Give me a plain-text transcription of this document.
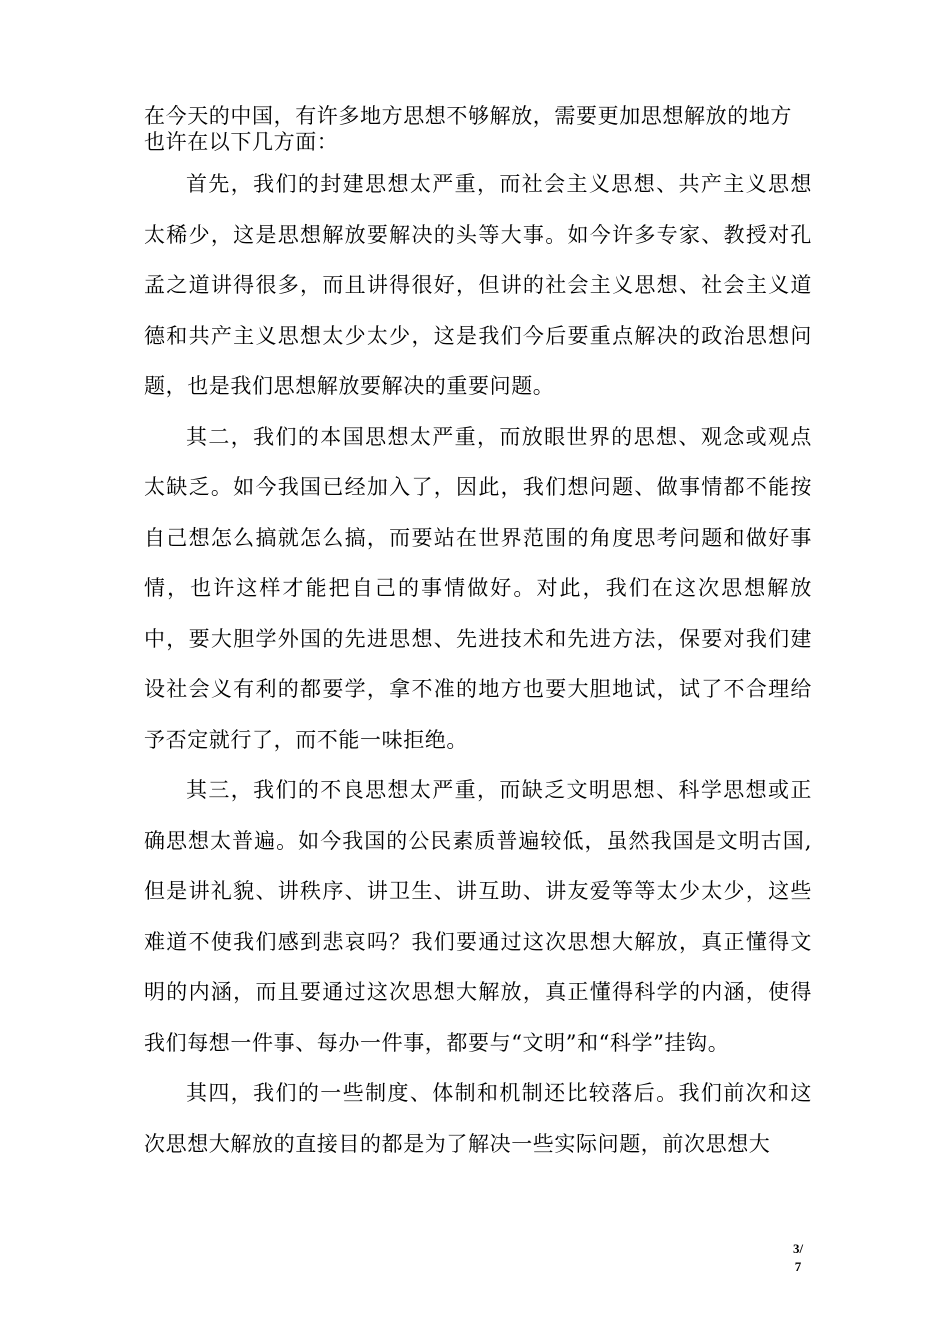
在今天的中国，有许多地方思想不够解放，需要更加思想解放的地方也许在以下几方面：

首先，我们的封建思想太严重，而社会主义思想、共产主义思想太稀少，这是思想解放要解决的头等大事。如今许多专家、教授对孔孟之道讲得很多，而且讲得很好，但讲的社会主义思想、社会主义道德和共产主义思想太少太少，这是我们今后要重点解决的政治思想问题，也是我们思想解放要解决的重要问题。

其二，我们的本国思想太严重，而放眼世界的思想、观念或观点太缺乏。如今我国已经加入了，因此，我们想问题、做事情都不能按自己想怎么搞就怎么搞，而要站在世界范围的角度思考问题和做好事情，也许这样才能把自己的事情做好。对此，我们在这次思想解放中，要大胆学外国的先进思想、先进技术和先进方法，保要对我们建设社会义有利的都要学，拿不准的地方也要大胆地试，试了不合理给予否定就行了，而不能一味拒绝。

其三，我们的不良思想太严重，而缺乏文明思想、科学思想或正确思想太普遍。如今我国的公民素质普遍较低，虽然我国是文明古国,但是讲礼貌、讲秩序、讲卫生、讲互助、讲友爱等等太少太少，这些难道不使我们感到悲哀吗？我们要通过这次思想大解放，真正懂得文明的内涵，而且要通过这次思想大解放，真正懂得科学的内涵，使得我们每想一件事、每办一件事，都要与“文明”和“科学”挂钩。

其四，我们的一些制度、体制和机制还比较落后。我们前次和这次思想大解放的直接目的都是为了解决一些实际问题，前次思想大

3/
7
